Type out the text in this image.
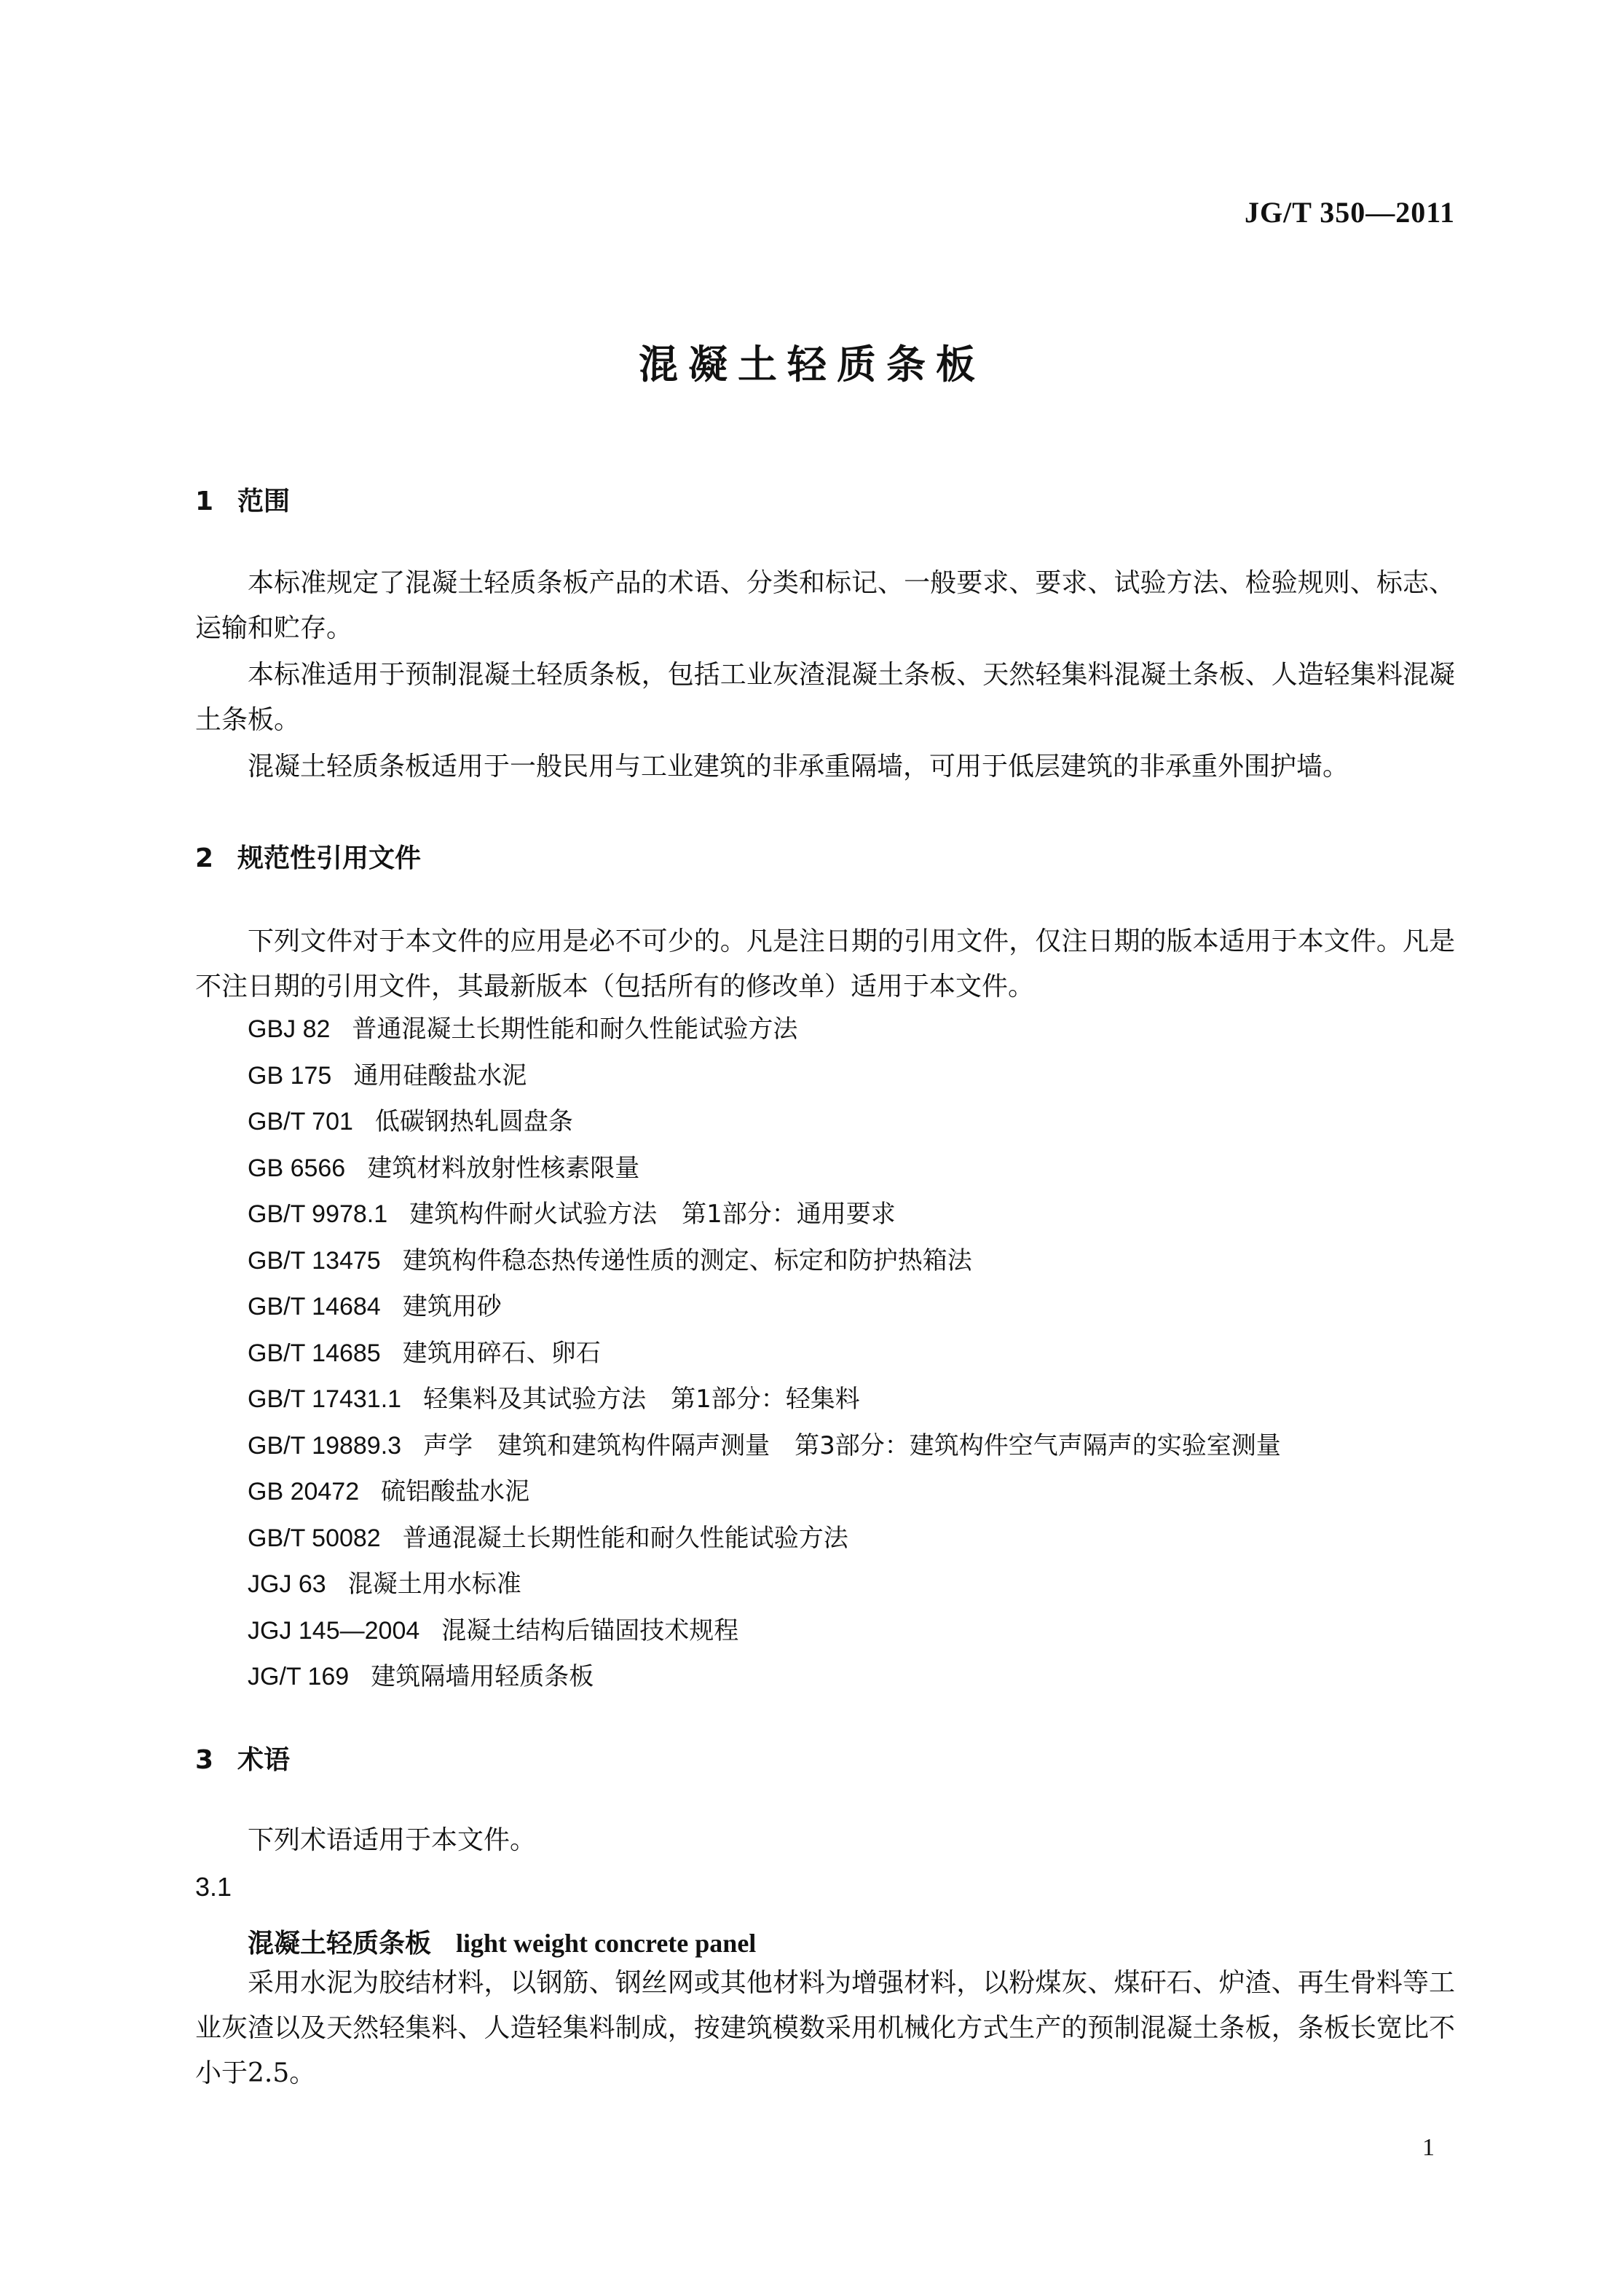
JG/T 350—2011
混凝土轻质条板
1 范围

本标准规定了混凝土轻质条板产品的术语、分类和标记、一般要求、要求、试验方法、检验规则、标志、运输和贮存。

本标准适用于预制混凝土轻质条板，包括工业灰渣混凝土条板、天然轻集料混凝土条板、人造轻集料混凝土条板。

混凝土轻质条板适用于一般民用与工业建筑的非承重隔墙，可用于低层建筑的非承重外围护墙。

2 规范性引用文件

下列文件对于本文件的应用是必不可少的。凡是注日期的引用文件，仅注日期的版本适用于本文件。凡是不注日期的引用文件，其最新版本（包括所有的修改单）适用于本文件。

GBJ 82 普通混凝土长期性能和耐久性能试验方法
GB 175 通用硅酸盐水泥
GB/T 701 低碳钢热轧圆盘条
GB 6566 建筑材料放射性核素限量
GB/T 9978.1 建筑构件耐火试验方法　第1部分：通用要求
GB/T 13475 建筑构件稳态热传递性质的测定、标定和防护热箱法
GB/T 14684 建筑用砂
GB/T 14685 建筑用碎石、卵石
GB/T 17431.1 轻集料及其试验方法　第1部分：轻集料
GB/T 19889.3 声学　建筑和建筑构件隔声测量　第3部分：建筑构件空气声隔声的实验室测量
GB 20472 硫铝酸盐水泥
GB/T 50082 普通混凝土长期性能和耐久性能试验方法
JGJ 63 混凝土用水标准
JGJ 145—2004 混凝土结构后锚固技术规程
JG/T 169 建筑隔墙用轻质条板
3 术语

下列术语适用于本文件。

3.1
混凝土轻质条板 light weight concrete panel

采用水泥为胶结材料，以钢筋、钢丝网或其他材料为增强材料，以粉煤灰、煤矸石、炉渣、再生骨料等工业灰渣以及天然轻集料、人造轻集料制成，按建筑模数采用机械化方式生产的预制混凝土条板，条板长宽比不小于2.5。

1
